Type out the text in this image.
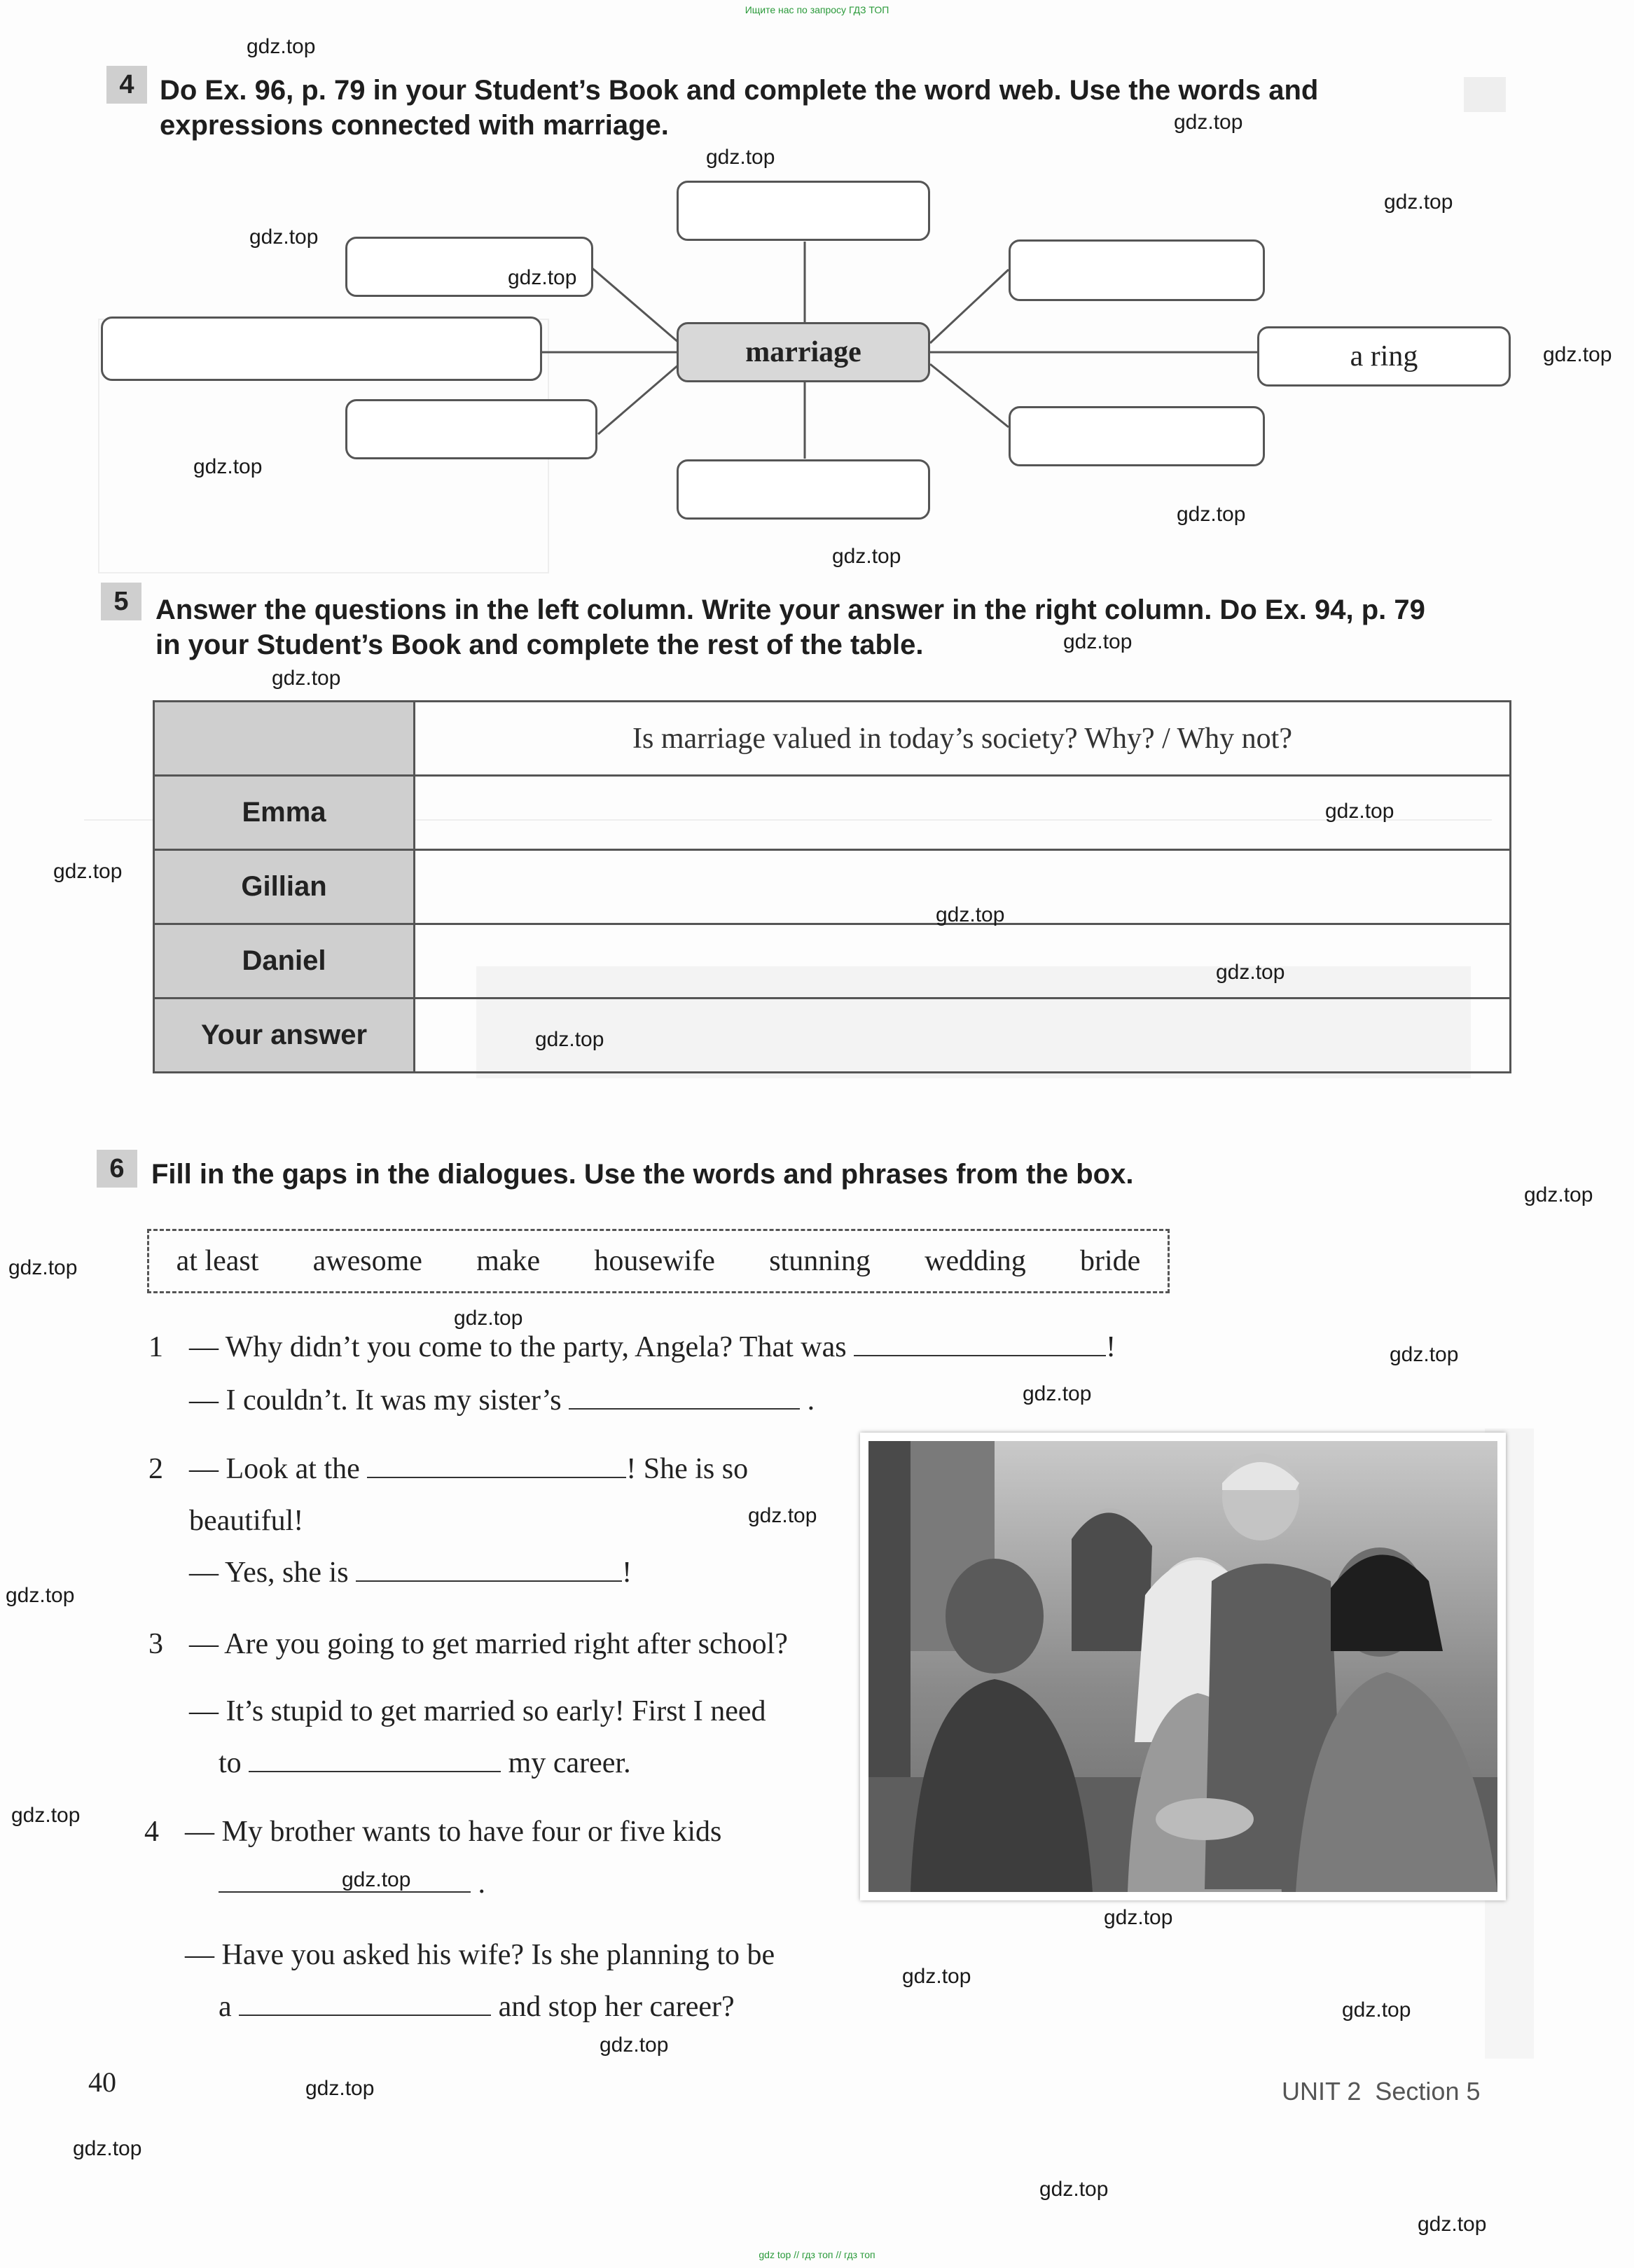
Ищите нас по запросу ГДЗ ТОП
4 Do Ex. 96, p. 79 in your Student’s Book and complete the word web. Use the words and
expressions connected with marriage.
marriage	a ring
5 Answer the questions in the left column. Write your answer in the right column. Do Ex. 94, p. 79
in your Student’s Book and complete the rest of the table.
	Is marriage valued in today’s society? Why? / Why not?
Emma	
Gillian	
Daniel	
Your answer	
6 Fill in the gaps in the dialogues. Use the words and phrases from the box.
at least awesome make housewife stunning wedding bride
1 — Why didn’t you come to the party, Angela? That was	!
— I couldn’t. It was my sister’s	.
2 — Look at the	! She is so
beautiful!
— Yes, she is	!
3 — Are you going to get married right after school?
— It’s stupid to get married so early! First I need
to	my career.
4 — My brother wants to have four or five kids
.
— Have you asked his wife? Is she planning to be
a	and stop her career?
40	UNIT 2 Section 5
gdz.top
gdz.top
gdz.top
gdz.top
gdz.top
gdz.top
gdz.top
gdz.top
gdz.top
gdz.top
gdz.top
gdz.top
gdz.top
gdz.top
gdz.top
gdz.top
gdz.top
gdz.top
gdz.top
gdz.top
gdz.top
gdz.top
gdz.top
gdz.top
gdz.top
gdz.top
gdz.top
gdz.top
gdz.top
gdz.top
gdz.top
gdz.top
gdz.top
gdz.top
gdz top // гдз топ // гдз топ
